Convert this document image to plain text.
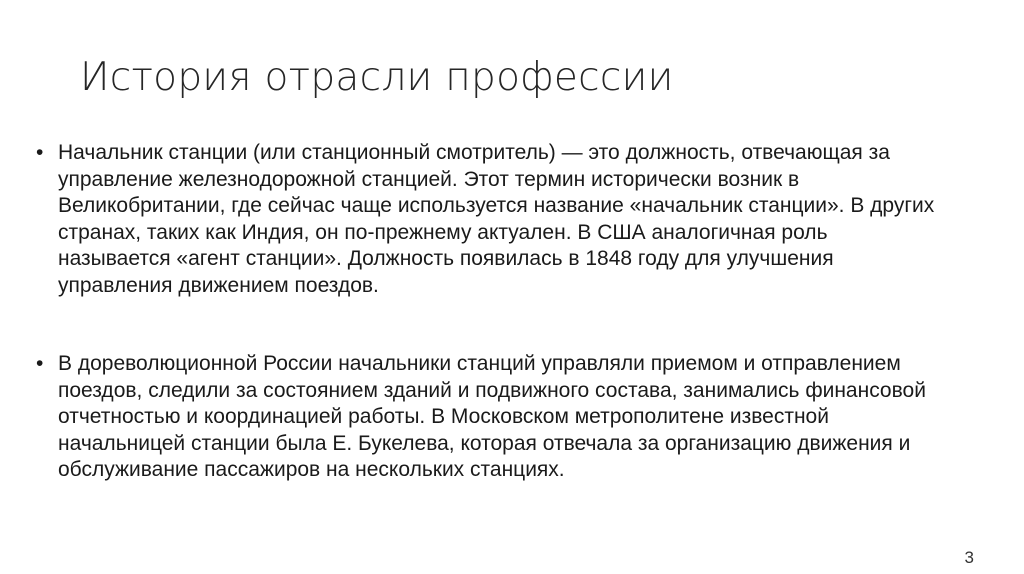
История отрасли профессии
• Начальник станции (или станционный смотритель) — это должность, отвечающая за управление железнодорожной станцией. Этот термин исторически возник в Великобритании, где сейчас чаще используется название «начальник станции». В других странах, таких как Индия, он по-прежнему актуален. В США аналогичная роль называется «агент станции». Должность появилась в 1848 году для улучшения управления движением поездов.
• В дореволюционной России начальники станций управляли приемом и отправлением поездов, следили за состоянием зданий и подвижного состава, занимались финансовой отчетностью и координацией работы. В Московском метрополитене известной начальницей станции была Е. Букелева, которая отвечала за организацию движения и обслуживание пассажиров на нескольких станциях.
3
